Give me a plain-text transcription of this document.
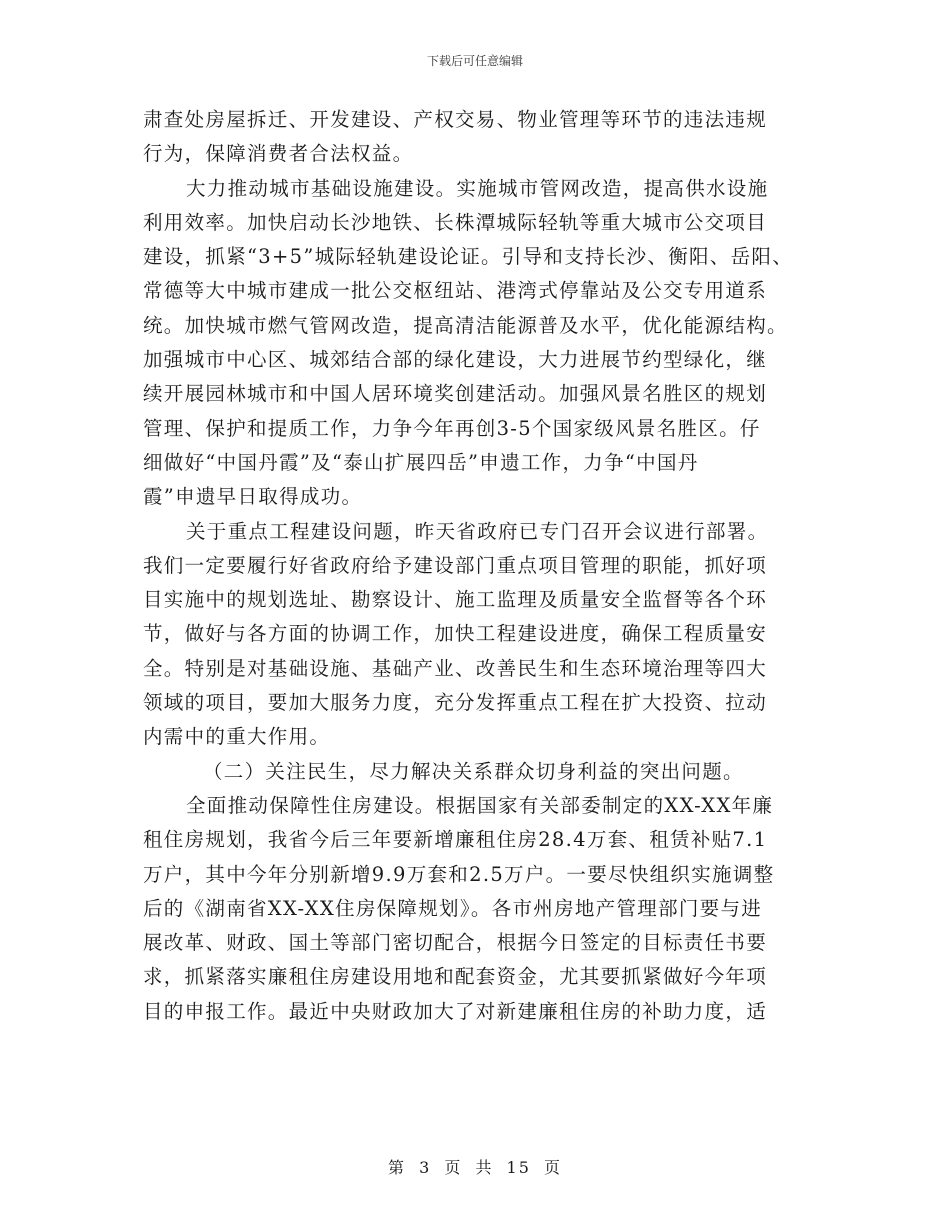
下载后可任意编辑
肃查处房屋拆迁、开发建设、产权交易、物业管理等环节的违法违规
行为，保障消费者合法权益。
大力推动城市基础设施建设。实施城市管网改造，提高供水设施
利用效率。加快启动长沙地铁、长株潭城际轻轨等重大城市公交项目
建设，抓紧“3+5”城际轻轨建设论证。引导和支持长沙、衡阳、岳阳、
常德等大中城市建成一批公交枢纽站、港湾式停靠站及公交专用道系
统。加快城市燃气管网改造，提高清洁能源普及水平，优化能源结构。
加强城市中心区、城郊结合部的绿化建设，大力进展节约型绿化，继
续开展园林城市和中国人居环境奖创建活动。加强风景名胜区的规划
管理、保护和提质工作，力争今年再创3-5个国家级风景名胜区。仔
细做好“中国丹霞”及“泰山扩展四岳”申遗工作，力争“中国丹
霞”申遗早日取得成功。
关于重点工程建设问题，昨天省政府已专门召开会议进行部署。
我们一定要履行好省政府给予建设部门重点项目管理的职能，抓好项
目实施中的规划选址、勘察设计、施工监理及质量安全监督等各个环
节，做好与各方面的协调工作，加快工程建设进度，确保工程质量安
全。特别是对基础设施、基础产业、改善民生和生态环境治理等四大
领域的项目，要加大服务力度，充分发挥重点工程在扩大投资、拉动
内需中的重大作用。
（二）关注民生，尽力解决关系群众切身利益的突出问题。
全面推动保障性住房建设。根据国家有关部委制定的XX-XX年廉
租住房规划，我省今后三年要新增廉租住房28.4万套、租赁补贴7.1
万户，其中今年分别新增9.9万套和2.5万户。一要尽快组织实施调整
后的《湖南省XX-XX住房保障规划》。各市州房地产管理部门要与进
展改革、财政、国土等部门密切配合，根据今日签定的目标责任书要
求，抓紧落实廉租住房建设用地和配套资金，尤其要抓紧做好今年项
目的申报工作。最近中央财政加大了对新建廉租住房的补助力度，适
第 3 页 共 15 页
